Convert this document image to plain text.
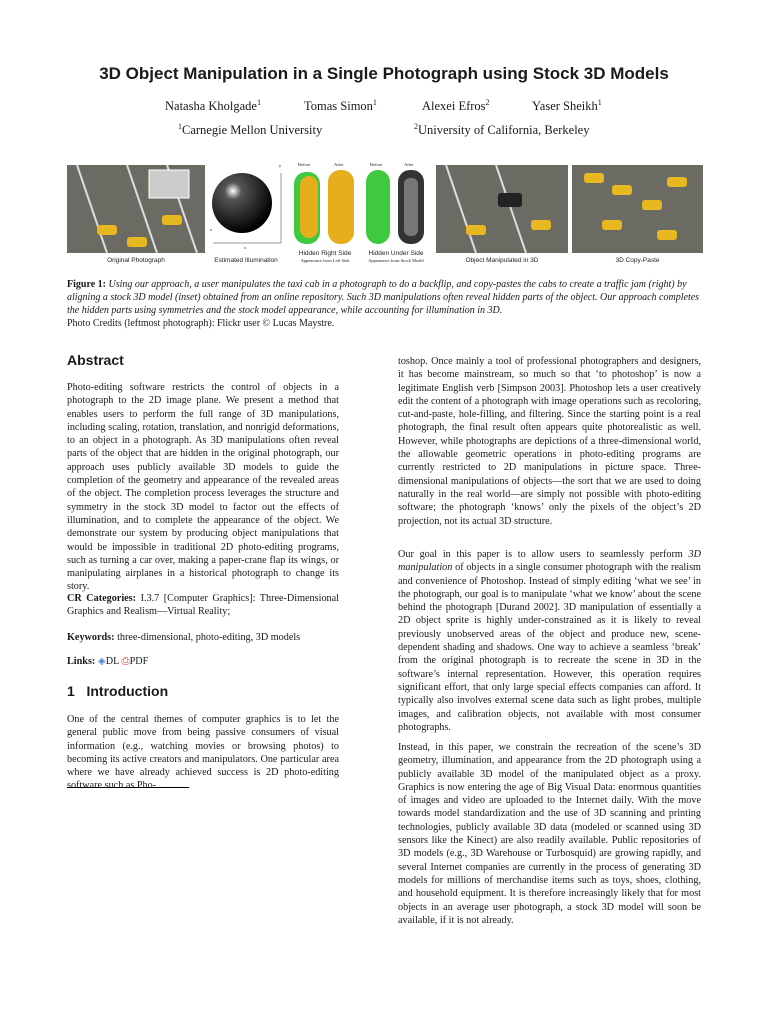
3D Object Manipulation in a Single Photograph using Stock 3D Models
Natasha Kholgade$^1$	Tomas Simon$^1$	Alexei Efros$^2$	Yaser Sheikh$^1$
$^1$Carnegie Mellon University	$^2$University of California, Berkeley
Original Photograph
y
z
x
Estimated Illumination
Before	After	Before	After
Hidden Right Side
Appearance from Left Side
Hidden Under Side
Appearance from Stock Model	Object Manipulated in 3D	3D Copy-Paste
Figure 1: Using our approach, a user manipulates the taxi cab in a photograph to do a backflip, and copy-pastes the cabs to create a traffic jam (right) by aligning a stock 3D model (inset) obtained from an online repository. Such 3D manipulations often reveal hidden parts of the object. Our approach completes the hidden parts using symmetries and the stock model appearance, while accounting for illumination in 3D.
Photo Credits (leftmost photograph): Flickr user © Lucas Maystre.
Abstract
Photo-editing software restricts the control of objects in a photograph to the 2D image plane. We present a method that enables users to perform the full range of 3D manipulations, including scaling, rotation, translation, and nonrigid deformations, to an object in a photograph. As 3D manipulations often reveal parts of the object that are hidden in the original photograph, our approach uses publicly available 3D models to guide the completion of the geometry and appearance of the revealed areas of the object. The completion process leverages the structure and symmetry in the stock 3D model to factor out the effects of illumination, and to complete the appearance of the object. We demonstrate our system by producing object manipulations that would be impossible in traditional 2D photo-editing programs, such as turning a car over, making a paper-crane flap its wings, or manipulating airplanes in a historical photograph to change its story.
CR Categories: I.3.7 [Computer Graphics]: Three-Dimensional Graphics and Realism—Virtual Reality;
Keywords: three-dimensional, photo-editing, 3D models
Links: ◈DL ⎙PDF
1 Introduction
One of the central themes of computer graphics is to let the general public move from being passive consumers of visual information (e.g., watching movies or browsing photos) to becoming its active creators and manipulators. One particular area where we have already achieved success is 2D photo-editing software such as Pho-
toshop. Once mainly a tool of professional photographers and designers, it has become mainstream, so much so that ‘to photoshop’ is now a legitimate English verb [Simpson 2003]. Photoshop lets a user creatively edit the content of a photograph with image operations such as recoloring, cut-and-paste, hole-filling, and filtering. Since the starting point is a real photograph, the final result often appears quite photorealistic as well. However, while photographs are depictions of a three-dimensional world, the allowable geometric operations in photo-editing programs are currently restricted to 2D manipulations in picture space. Three-dimensional manipulations of objects—the sort that we are used to doing naturally in the real world—are simply not possible with photo-editing software; the photograph ‘knows’ only the pixels of the object’s 2D projection, not its actual 3D structure.
Our goal in this paper is to allow users to seamlessly perform 3D manipulation of objects in a single consumer photograph with the realism and convenience of Photoshop. Instead of simply editing ‘what we see’ in the photograph, our goal is to manipulate ‘what we know’ about the scene behind the photograph [Durand 2002]. 3D manipulation of essentially a 2D object sprite is highly under-constrained as it is likely to reveal previously unobserved areas of the object and produce new, scene-dependent shading and shadows. One way to achieve a seamless ‘break’ from the original photograph is to recreate the scene in 3D in the software’s internal representation. However, this operation requires significant effort, that only large special effects companies can afford. It typically also involves external scene data such as light probes, multiple images, and calibration objects, not available with most consumer photographs.
Instead, in this paper, we constrain the recreation of the scene’s 3D geometry, illumination, and appearance from the 2D photograph using a publicly available 3D model of the manipulated object as a proxy. Graphics is now entering the age of Big Visual Data: enormous quantities of images and video are uploaded to the Internet daily. With the move towards model standardization and the use of 3D scanning and printing technologies, publicly available 3D data (modeled or scanned using 3D sensors like the Kinect) are also readily available. Public repositories of 3D models (e.g., 3D Warehouse or Turbosquid) are growing rapidly, and several Internet companies are currently in the process of generating 3D models for millions of merchandise items such as toys, shoes, clothing, and household equipment. It is therefore increasingly likely that for most objects in an average user photograph, a stock 3D model will soon be available, if it is not already.
